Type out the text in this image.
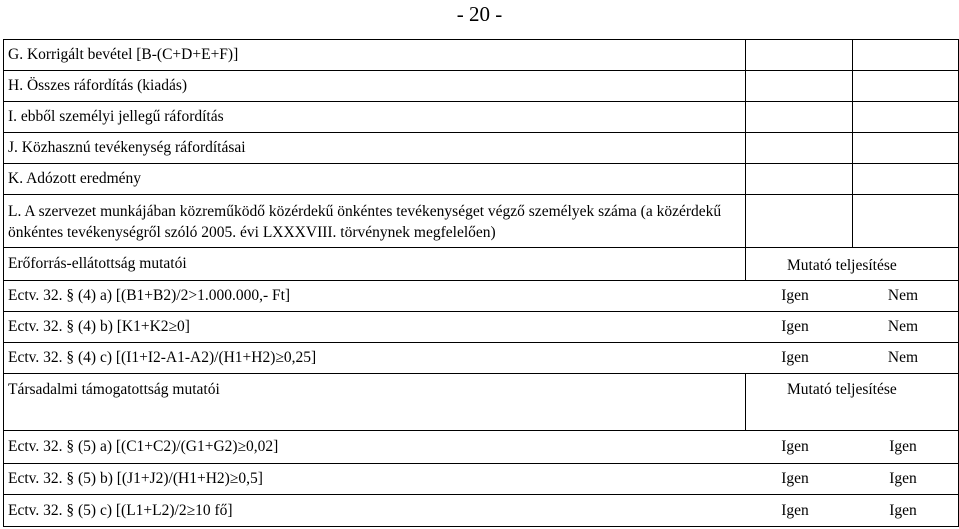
- 20 -
G. Korrigált bevétel [B-(C+D+E+F)]
H. Összes ráfordítás (kiadás)
I. ebből személyi jellegű ráfordítás
J. Közhasznú tevékenység ráfordításai
K. Adózott eredmény
L. A szervezet munkájában közreműködő közérdekű önkéntes tevékenységet végző személyek száma (a közérdekű önkéntes tevékenységről szóló 2005. évi LXXXVIII. törvénynek megfelelően)
Erőforrás-ellátottság mutatói	Mutató teljesítése
Ectv. 32. § (4) a) [(B1+B2)/2>1.000.000,- Ft]	Igen	Nem
Ectv. 32. § (4) b) [K1+K2≥0]	Igen	Nem
Ectv. 32. § (4) c) [(I1+I2-A1-A2)/(H1+H2)≥0,25]	Igen	Nem
Társadalmi támogatottság mutatói	Mutató teljesítése
Ectv. 32. § (5) a) [(C1+C2)/(G1+G2)≥0,02]	Igen	Igen
Ectv. 32. § (5) b) [(J1+J2)/(H1+H2)≥0,5]	Igen	Igen
Ectv. 32. § (5) c) [(L1+L2)/2≥10 fő]	Igen	Igen
